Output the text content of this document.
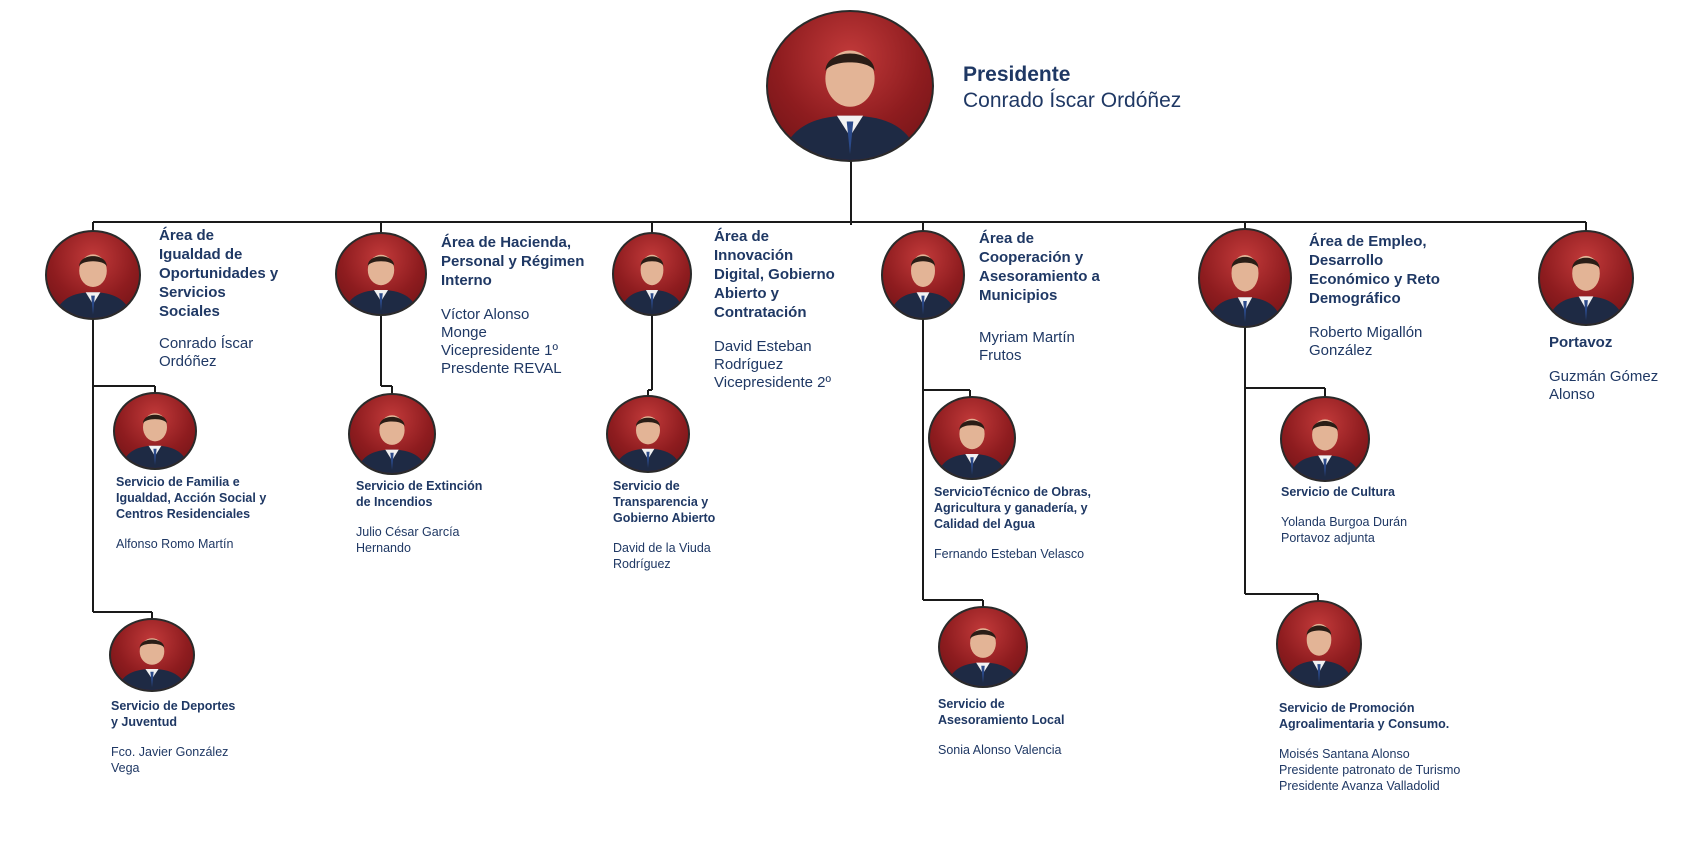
Presidente
Conrado Íscar Ordóñez
Área de Igualdad de Oportunidades y Servicios Sociales
Conrado Íscar
Ordóñez
Área de Hacienda, Personal y Régimen Interno
Víctor Alonso
Monge
Vicepresidente 1º
Presdente REVAL
Área de Innovación Digital, Gobierno Abierto y Contratación
David Esteban
Rodríguez
Vicepresidente 2º
Área de Cooperación y Asesoramiento a Municipios
Myriam Martín
Frutos
Área de Empleo, Desarrollo Económico y Reto Demográfico
Roberto Migallón
González	Portavoz
Guzmán Gómez
Alonso
Servicio de Familia e
Igualdad, Acción Social y
Centros Residenciales
Alfonso Romo Martín
Servicio de Deportes
y Juventud
Fco. Javier González
Vega
Servicio de Extinción
de Incendios
Julio César García
Hernando
Servicio de
Transparencia y
Gobierno Abierto
David de la Viuda
Rodríguez
ServicioTécnico de Obras,
Agricultura y ganadería, y
Calidad del Agua
Fernando Esteban Velasco
Servicio de
Asesoramiento Local
Sonia Alonso Valencia
Servicio de Cultura
Yolanda Burgoa Durán
Portavoz adjunta
Servicio de Promoción
Agroalimentaria y Consumo.
Moisés Santana Alonso
Presidente patronato de Turismo
Presidente Avanza Valladolid
